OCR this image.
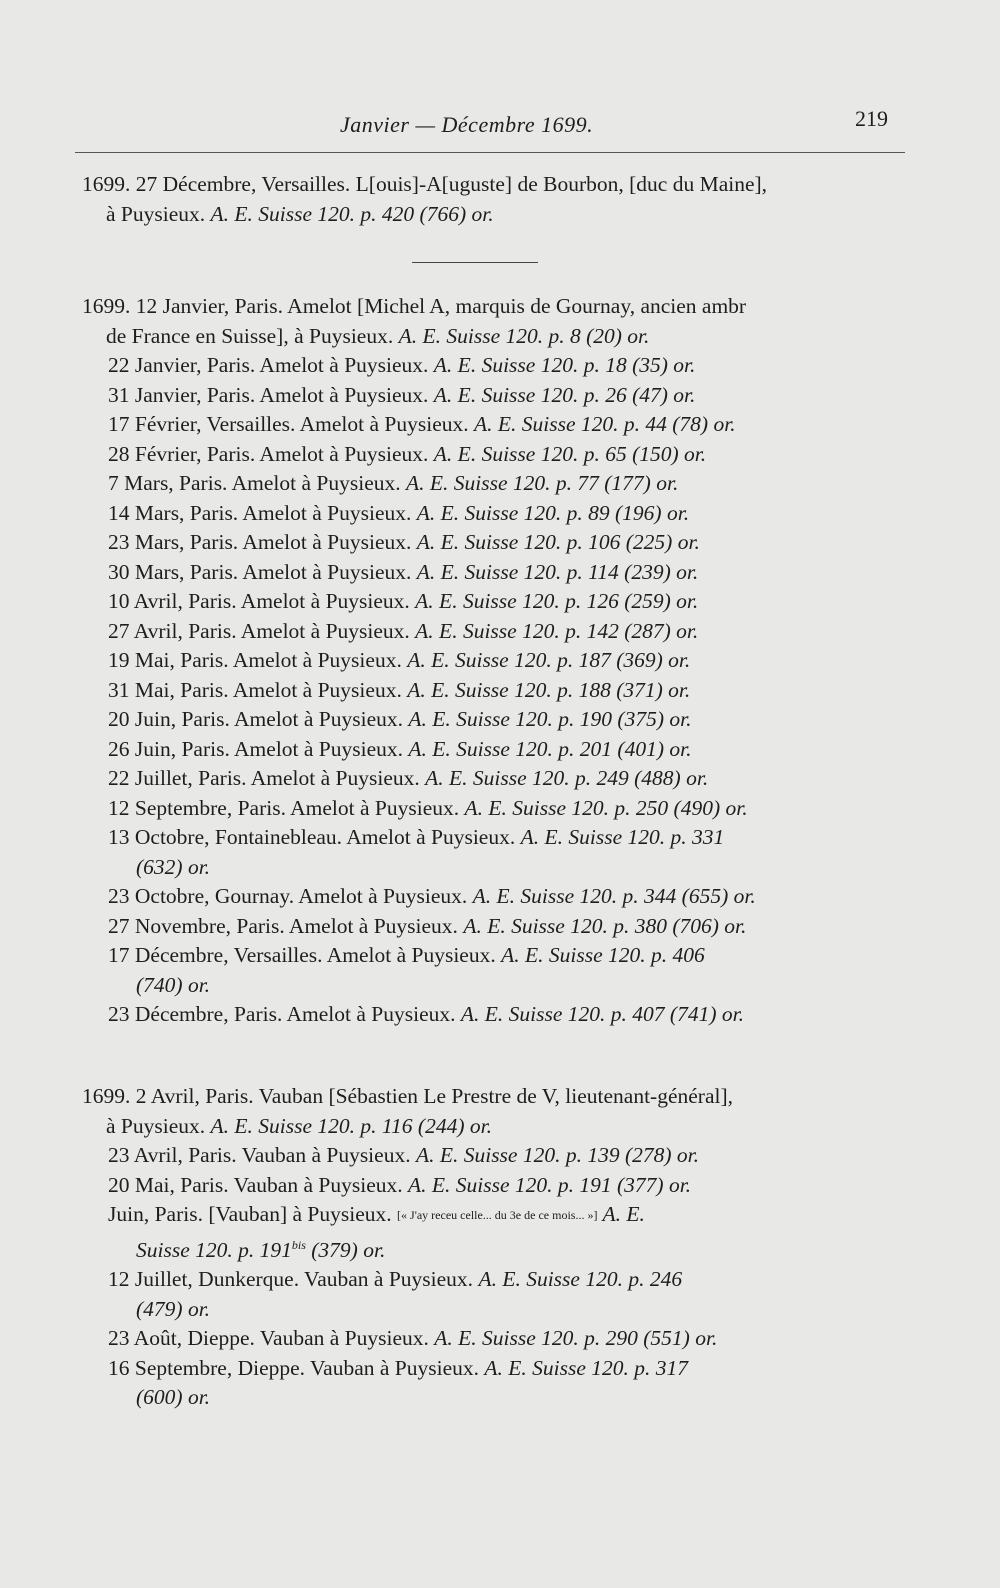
Janvier — Décembre 1699.	219
1699. 27 Décembre, Versailles. L[ouis]-A[uguste] de Bourbon, [duc du Maine],
à Puysieux. A. E. Suisse 120. p. 420 (766) or.
1699. 12 Janvier, Paris. Amelot [Michel A, marquis de Gournay, ancien ambr
de France en Suisse], à Puysieux. A. E. Suisse 120. p. 8 (20) or.
22 Janvier, Paris. Amelot à Puysieux. A. E. Suisse 120. p. 18 (35) or.
31 Janvier, Paris. Amelot à Puysieux. A. E. Suisse 120. p. 26 (47) or.
17 Février, Versailles. Amelot à Puysieux. A. E. Suisse 120. p. 44 (78) or.
28 Février, Paris. Amelot à Puysieux. A. E. Suisse 120. p. 65 (150) or.
7 Mars, Paris. Amelot à Puysieux. A. E. Suisse 120. p. 77 (177) or.
14 Mars, Paris. Amelot à Puysieux. A. E. Suisse 120. p. 89 (196) or.
23 Mars, Paris. Amelot à Puysieux. A. E. Suisse 120. p. 106 (225) or.
30 Mars, Paris. Amelot à Puysieux. A. E. Suisse 120. p. 114 (239) or.
10 Avril, Paris. Amelot à Puysieux. A. E. Suisse 120. p. 126 (259) or.
27 Avril, Paris. Amelot à Puysieux. A. E. Suisse 120. p. 142 (287) or.
19 Mai, Paris. Amelot à Puysieux. A. E. Suisse 120. p. 187 (369) or.
31 Mai, Paris. Amelot à Puysieux. A. E. Suisse 120. p. 188 (371) or.
20 Juin, Paris. Amelot à Puysieux. A. E. Suisse 120. p. 190 (375) or.
26 Juin, Paris. Amelot à Puysieux. A. E. Suisse 120. p. 201 (401) or.
22 Juillet, Paris. Amelot à Puysieux. A. E. Suisse 120. p. 249 (488) or.
12 Septembre, Paris. Amelot à Puysieux. A. E. Suisse 120. p. 250 (490) or.
13 Octobre, Fontainebleau. Amelot à Puysieux. A. E. Suisse 120. p. 331
(632) or.
23 Octobre, Gournay. Amelot à Puysieux. A. E. Suisse 120. p. 344 (655) or.
27 Novembre, Paris. Amelot à Puysieux. A. E. Suisse 120. p. 380 (706) or.
17 Décembre, Versailles. Amelot à Puysieux. A. E. Suisse 120. p. 406
(740) or.
23 Décembre, Paris. Amelot à Puysieux. A. E. Suisse 120. p. 407 (741) or.
1699. 2 Avril, Paris. Vauban [Sébastien Le Prestre de V, lieutenant-général],
à Puysieux. A. E. Suisse 120. p. 116 (244) or.
23 Avril, Paris. Vauban à Puysieux. A. E. Suisse 120. p. 139 (278) or.
20 Mai, Paris. Vauban à Puysieux. A. E. Suisse 120. p. 191 (377) or.
Juin, Paris. [Vauban] à Puysieux. [« J'ay receu celle... du 3e de ce mois... »] A. E.
Suisse 120. p. $191^{bis}$ (379) or.
12 Juillet, Dunkerque. Vauban à Puysieux. A. E. Suisse 120. p. 246
(479) or.
23 Août, Dieppe. Vauban à Puysieux. A. E. Suisse 120. p. 290 (551) or.
16 Septembre, Dieppe. Vauban à Puysieux. A. E. Suisse 120. p. 317
(600) or.
